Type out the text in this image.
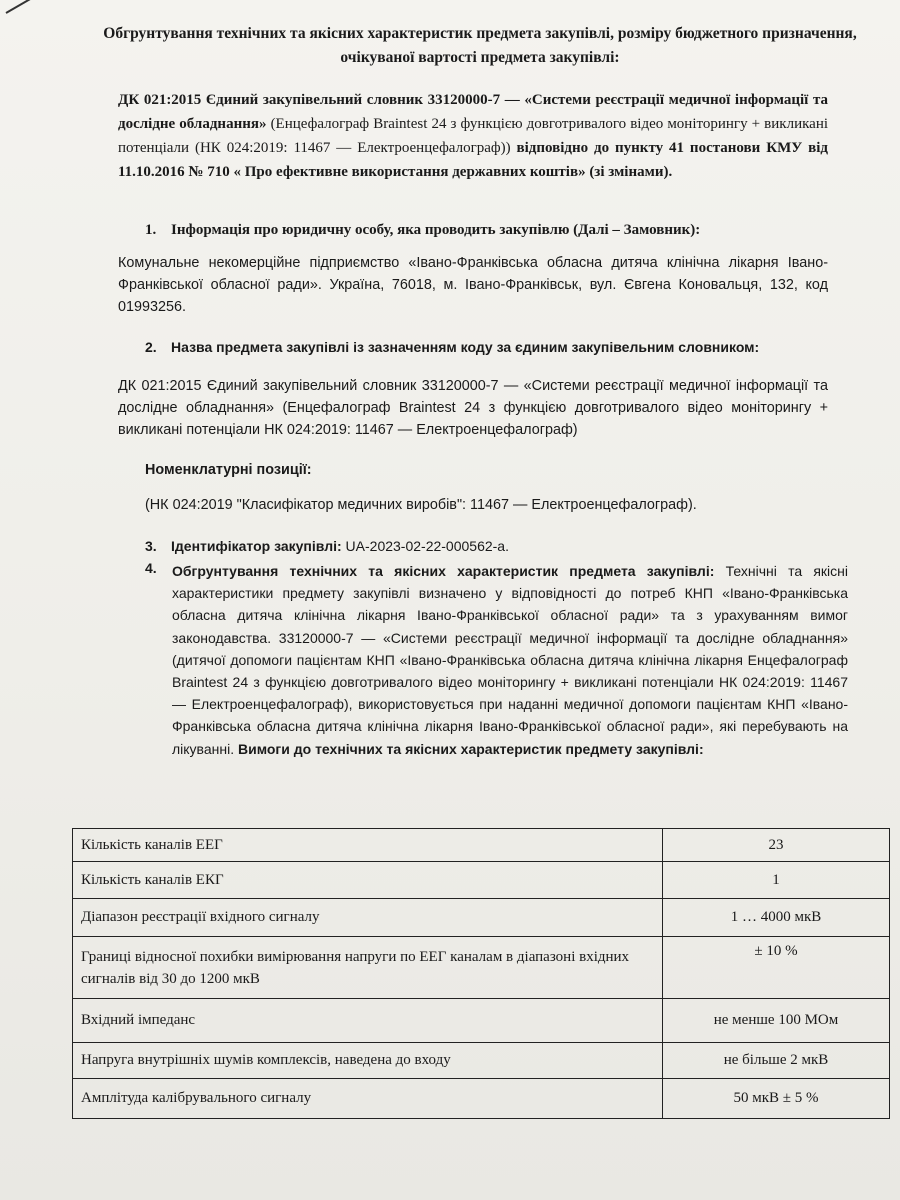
Обгрунтування технічних та якісних характеристик предмета закупівлі, розміру бюджетного призначення, очікуваної вартості предмета закупівлі:
ДК 021:2015 Єдиний закупівельний словник 33120000-7 — «Системи реєстрації медичної інформації та дослідне обладнання» (Енцефалограф Braintest 24 з функцією довготривалого відео моніторингу + викликані потенціали (НК 024:2019: 11467 — Електроенцефалограф)) відповідно до пункту 41 постанови КМУ від 11.10.2016 № 710 « Про ефективне використання державних коштів» (зі змінами).
1. Інформація про юридичну особу, яка проводить закупівлю (Далі – Замовник):
Комунальне некомерційне підприємство «Івано-Франківська обласна дитяча клінічна лікарня Івано-Франківської обласної ради». Україна, 76018, м. Івано-Франківськ, вул. Євгена Коновальця, 132, код 01993256.
2. Назва предмета закупівлі із зазначенням коду за єдиним закупівельним словником:
ДК 021:2015 Єдиний закупівельний словник 33120000-7 — «Системи реєстрації медичної інформації та дослідне обладнання» (Енцефалограф Braintest 24 з функцією довготривалого відео моніторингу + викликані потенціали НК 024:2019: 11467 — Електроенцефалограф)
Номенклатурні позиції:
(НК 024:2019 "Класифікатор медичних виробів": 11467 — Електроенцефалограф).
3. Ідентифікатор закупівлі: UA-2023-02-22-000562-a.
4. Обгрунтування технічних та якісних характеристик предмета закупівлі: Технічні та якісні характеристики предмету закупівлі визначено у відповідності до потреб КНП «Івано-Франківська обласна дитяча клінічна лікарня Івано-Франківської обласної ради» та з урахуванням вимог законодавства. 33120000-7 — «Системи реєстрації медичної інформації та дослідне обладнання» (дитячої допомоги пацієнтам КНП «Івано-Франківська обласна дитяча клінічна лікарня Енцефалограф Braintest 24 з функцією довготривалого відео моніторингу + викликані потенціали НК 024:2019: 11467 — Електроенцефалограф), використовується при наданні медичної допомоги пацієнтам КНП «Івано-Франківська обласна дитяча клінічна лікарня Івано-Франківської обласної ради», які перебувають на лікуванні. Вимоги до технічних та якісних характеристик предмету закупівлі:
Кількість каналів ЕЕГ	23
Кількість каналів ЕКГ	1
Діапазон реєстрації вхідного сигналу	1 … 4000 мкВ
Границі відносної похибки вимірювання напруги по ЕЕГ каналам в діапазоні вхідних сигналів від 30 до 1200 мкВ	± 10 %
Вхідний імпеданс	не менше 100 МОм
Напруга внутрішніх шумів комплексів, наведена до входу	не більше 2 мкВ
Амплітуда калібрувального сигналу	50 мкВ ± 5 %
